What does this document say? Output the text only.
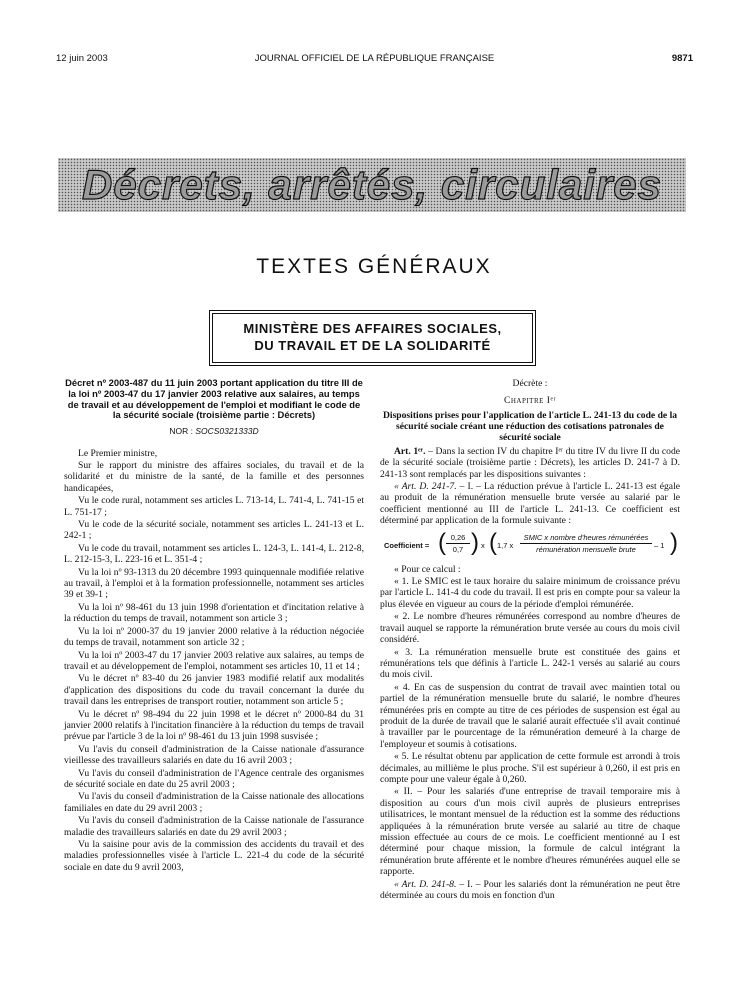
12 juin 2003	JOURNAL OFFICIEL DE LA RÉPUBLIQUE FRANÇAISE	9871
Décrets, arrêtés, circulaires
TEXTES GÉNÉRAUX
MINISTÈRE DES AFFAIRES SOCIALES,
DU TRAVAIL ET DE LA SOLIDARITÉ

Décret nº 2003-487 du 11 juin 2003 portant application du titre III de la loi nº 2003-47 du 17 janvier 2003 relative aux salaires, au temps de travail et au développement de l'emploi et modifiant le code de la sécurité sociale (troisième partie : Décrets)

NOR : SOCS0321333D

Le Premier ministre,

Sur le rapport du ministre des affaires sociales, du travail et de la solidarité et du ministre de la santé, de la famille et des personnes handicapées,

Vu le code rural, notamment ses articles L. 713-14, L. 741-4, L. 741-15 et L. 751-17 ;

Vu le code de la sécurité sociale, notamment ses articles L. 241-13 et L. 242-1 ;

Vu le code du travail, notamment ses articles L. 124-3, L. 141-4, L. 212-8, L. 212-15-3, L. 223-16 et L. 351-4 ;

Vu la loi nº 93-1313 du 20 décembre 1993 quinquennale modifiée relative au travail, à l'emploi et à la formation professionnelle, notamment ses articles 39 et 39-1 ;

Vu la loi nº 98-461 du 13 juin 1998 d'orientation et d'incitation relative à la réduction du temps de travail, notamment son article 3 ;

Vu la loi nº 2000-37 du 19 janvier 2000 relative à la réduction négociée du temps de travail, notamment son article 32 ;

Vu la loi nº 2003-47 du 17 janvier 2003 relative aux salaires, au temps de travail et au développement de l'emploi, notamment ses articles 10, 11 et 14 ;

Vu le décret nº 83-40 du 26 janvier 1983 modifié relatif aux modalités d'application des dispositions du code du travail concernant la durée du travail dans les entreprises de transport routier, notamment son article 5 ;

Vu le décret nº 98-494 du 22 juin 1998 et le décret nº 2000-84 du 31 janvier 2000 relatifs à l'incitation financière à la réduction du temps de travail prévue par l'article 3 de la loi nº 98-461 du 13 juin 1998 susvisée ;

Vu l'avis du conseil d'administration de la Caisse nationale d'assurance vieillesse des travailleurs salariés en date du 16 avril 2003 ;

Vu l'avis du conseil d'administration de l'Agence centrale des organismes de sécurité sociale en date du 25 avril 2003 ;

Vu l'avis du conseil d'administration de la Caisse nationale des allocations familiales en date du 29 avril 2003 ;

Vu l'avis du conseil d'administration de la Caisse nationale de l'assurance maladie des travailleurs salariés en date du 29 avril 2003 ;

Vu la saisine pour avis de la commission des accidents du travail et des maladies professionnelles visée à l'article L. 221-4 du code de la sécurité sociale en date du 9 avril 2003,

Décrète :

Chapitre Iᵉʳ

Dispositions prises pour l'application de l'article L. 241-13 du code de la sécurité sociale créant une réduction des cotisations patronales de sécurité sociale

Art. 1ᵉʳ. – Dans la section IV du chapitre Iᵉʳ du titre IV du livre II du code de la sécurité sociale (troisième partie : Décrets), les articles D. 241-7 à D. 241-13 sont remplacés par les dispositions suivantes :

« Art. D. 241-7. – I. – La réduction prévue à l'article L. 241-13 est égale au produit de la rémunération mensuelle brute versée au salarié par le coefficient mentionné au III de l'article L. 241-13. Ce coefficient est déterminé par application de la formule suivante :

Coefficient = ( $\frac{0,26}{0,7}$ ) x ( 1,7 x
SMIC x nombre d'heures rémunérées
rémunération mensuelle brute	– 1 )

« Pour ce calcul :

« 1. Le SMIC est le taux horaire du salaire minimum de croissance prévu par l'article L. 141-4 du code du travail. Il est pris en compte pour sa valeur la plus élevée en vigueur au cours de la période d'emploi rémunérée.

« 2. Le nombre d'heures rémunérées correspond au nombre d'heures de travail auquel se rapporte la rémunération brute versée au cours du mois civil considéré.

« 3. La rémunération mensuelle brute est constituée des gains et rémunérations tels que définis à l'article L. 242-1 versés au salarié au cours du mois civil.

« 4. En cas de suspension du contrat de travail avec maintien total ou partiel de la rémunération mensuelle brute du salarié, le nombre d'heures rémunérées pris en compte au titre de ces périodes de suspension est égal au produit de la durée de travail que le salarié aurait effectuée s'il avait continué à travailler par le pourcentage de la rémunération demeuré à la charge de l'employeur et soumis à cotisations.

« 5. Le résultat obtenu par application de cette formule est arrondi à trois décimales, au millième le plus proche. S'il est supérieur à 0,260, il est pris en compte pour une valeur égale à 0,260.

« II. – Pour les salariés d'une entreprise de travail temporaire mis à disposition au cours d'un mois civil auprès de plusieurs entreprises utilisatrices, le montant mensuel de la réduction est la somme des réductions appliquées à la rémunération brute versée au salarié au titre de chaque mission effectuée au cours de ce mois. Le coefficient mentionné au I est déterminé pour chaque mission, la formule de calcul intégrant la rémunération brute afférente et le nombre d'heures rémunérées auquel elle se rapporte.

« Art. D. 241-8. – I. – Pour les salariés dont la rémunération ne peut être déterminée au cours du mois en fonction d'un
